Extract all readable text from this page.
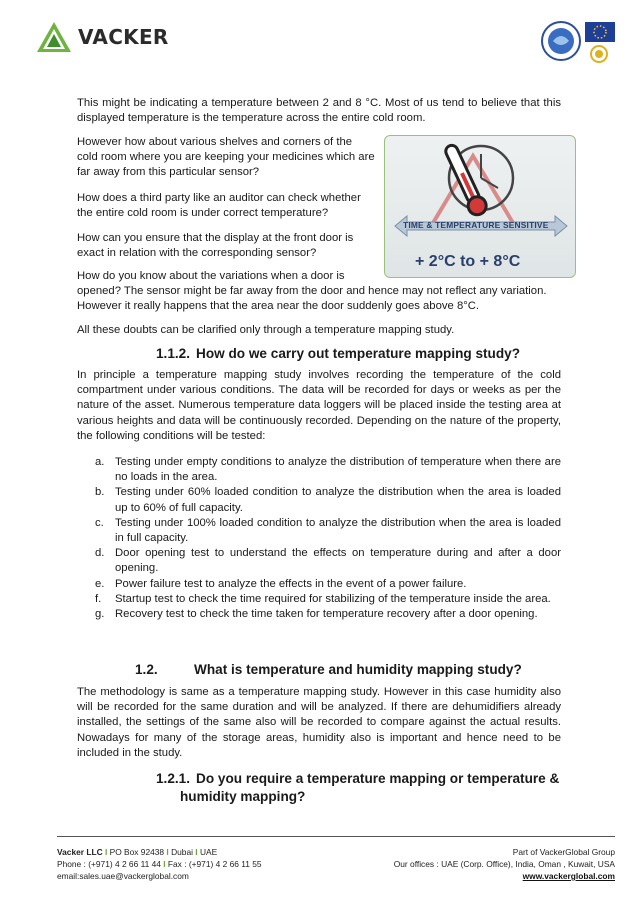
VACKER
This might be indicating a temperature between 2 and 8 °C. Most of us tend to believe that this displayed temperature is the temperature across the entire cold room.
However how about various shelves and corners of the cold room where you are keeping your medicines which are far away from this particular sensor?
How does a third party like an auditor can check whether the entire cold room is under correct temperature?
How can you ensure that the display at the front door is exact in relation with the corresponding sensor?
How do you know about the variations when a door is
opened? The sensor might be far away from the door and hence may not reflect any variation. However it really happens that the area near the door suddenly goes above 8°C.
TIME & TEMPERATURE SENSITIVE
+ 2°C to + 8°C
All these doubts can be clarified only through a temperature mapping study.
1.1.2. How do we carry out temperature mapping study?
In principle a temperature mapping study involves recording the temperature of the cold compartment under various conditions. The data will be recorded for days or weeks as per the nature of the asset. Numerous temperature data loggers will be placed inside the testing area at various heights and data will be continuously recorded. Depending on the nature of the property, the following conditions will be tested:
a. Testing under empty conditions to analyze the distribution of temperature when there are no loads in the area.
b. Testing under 60% loaded condition to analyze the distribution when the area is loaded up to 60% of full capacity.
c. Testing under 100% loaded condition to analyze the distribution when the area is loaded in full capacity.
d. Door opening test to understand the effects on temperature during and after a door opening.
e. Power failure test to analyze the effects in the event of a power failure.
f.	Startup test to check the time required for stabilizing of the temperature inside the area.
g. Recovery test to check the time taken for temperature recovery after a door opening.
1.2.	What is temperature and humidity mapping study?
The methodology is same as a temperature mapping study. However in this case humidity also will be recorded for the same duration and will be analyzed. If there are dehumidifiers already installed, the settings of the same also will be recorded to compare against the actual results. Nowadays for many of the storage areas, humidity also is important and hence need to be included in the study.
1.2.1. Do you require a temperature mapping or temperature &
humidity mapping?
Vacker LLC I PO Box 92438 I Dubai I UAE
Phone : (+971) 4 2 66 11 44 I Fax : (+971) 4 2 66 11 55
email:sales.uae@vackerglobal.com
Part of VackerGlobal Group
Our offices : UAE (Corp. Office), India, Oman , Kuwait, USA
www.vackerglobal.com
